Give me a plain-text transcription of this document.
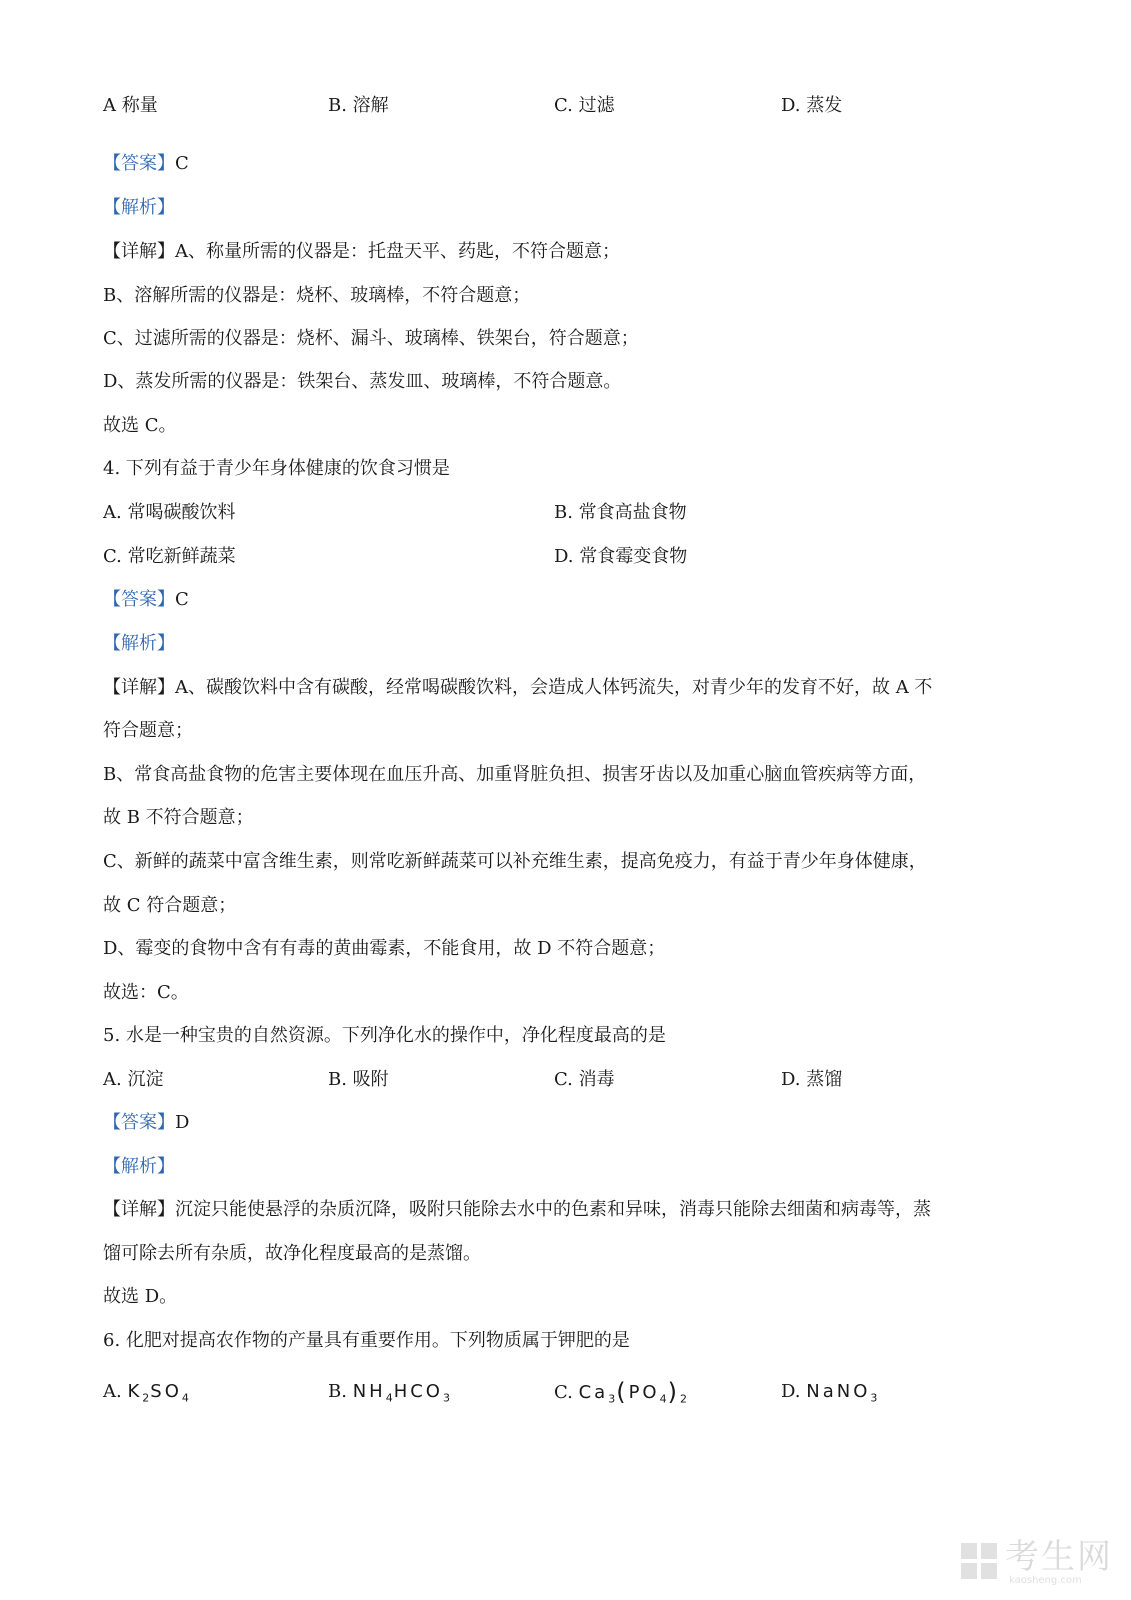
A 称量	B. 溶解	C. 过滤	D. 蒸发
【答案】C
【解析】
【详解】A、称量所需的仪器是：托盘天平、药匙，不符合题意；
B、溶解所需的仪器是：烧杯、玻璃棒，不符合题意；
C、过滤所需的仪器是：烧杯、漏斗、玻璃棒、铁架台，符合题意；
D、蒸发所需的仪器是：铁架台、蒸发皿、玻璃棒，不符合题意。
故选 C。
4. 下列有益于青少年身体健康的饮食习惯是
A. 常喝碳酸饮料	B. 常食高盐食物
C. 常吃新鲜蔬菜	D. 常食霉变食物
【答案】C
【解析】
【详解】A、碳酸饮料中含有碳酸，经常喝碳酸饮料，会造成人体钙流失，对青少年的发育不好，故 A 不
符合题意；
B、常食高盐食物的危害主要体现在血压升高、加重肾脏负担、损害牙齿以及加重心脑血管疾病等方面，
故 B 不符合题意；
C、新鲜的蔬菜中富含维生素，则常吃新鲜蔬菜可以补充维生素，提高免疫力，有益于青少年身体健康，
故 C 符合题意；
D、霉变的食物中含有有毒的黄曲霉素，不能食用，故 D 不符合题意；
故选：C。
5. 水是一种宝贵的自然资源。下列净化水的操作中，净化程度最高的是
A. 沉淀	B. 吸附	C. 消毒	D. 蒸馏
【答案】D
【解析】
【详解】沉淀只能使悬浮的杂质沉降，吸附只能除去水中的色素和异味，消毒只能除去细菌和病毒等，蒸
馏可除去所有杂质，故净化程度最高的是蒸馏。
故选 D。
6. 化肥对提高农作物的产量具有重要作用。下列物质属于钾肥的是
A. $K_2SO_4$	B. $NH_4HCO_3$	C. $Ca_3(PO_4)_2$	D. NaNO$_3$
考生网
kaosheng.com
